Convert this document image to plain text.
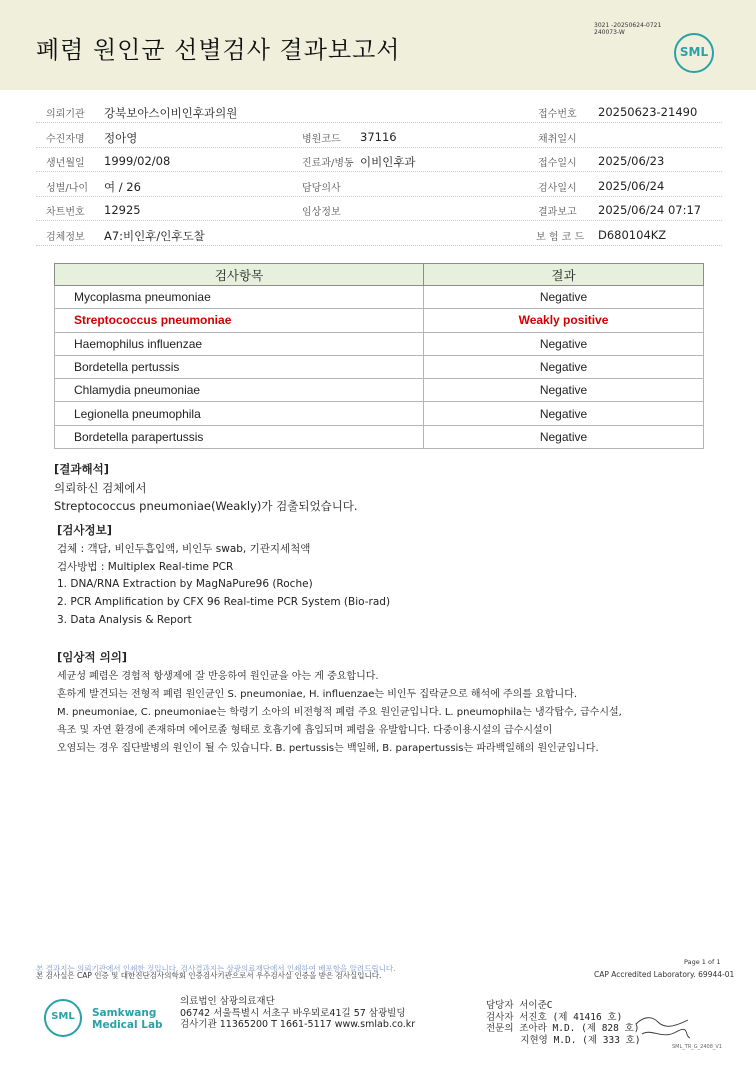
폐렴 원인균 선별검사 결과보고서
3021 -20250624-0721
240073-W
SML
의뢰기관 강북보아스이비인후과의원	접수번호 20250623-21490
수진자명 정아영	병원코드 37116	채취일시
생년월일 1999/02/08	진료과/병동 이비인후과	접수일시 2025/06/23
성별/나이 여 / 26	담당의사	검사일시 2025/06/24
차트번호 12925	임상정보	결과보고 2025/06/24 07:17
검체정보 A7:비인후/인후도찰	보 험 코 드 D680104KZ
검사항목	결과
Mycoplasma pneumoniae	Negative
Streptococcus pneumoniae	Weakly positive
Haemophilus influenzae	Negative
Bordetella pertussis	Negative
Chlamydia pneumoniae	Negative
Legionella pneumophila	Negative
Bordetella parapertussis	Negative
[결과해석]
의뢰하신 검체에서
Streptococcus pneumoniae(Weakly)가 검출되었습니다.
[검사정보]
검체 : 객담, 비인두흡입액, 비인두 swab, 기관지세척액
검사방법 : Multiplex Real-time PCR
1. DNA/RNA Extraction by MagNaPure96 (Roche)
2. PCR Amplification by CFX 96 Real-time PCR System (Bio-rad)
3. Data Analysis & Report
[임상적 의의]
세균성 폐렴은 경험적 항생제에 잘 반응하여 원인균을 아는 게 중요합니다.
흔하게 발견되는 전형적 폐렴 원인균인 S. pneumoniae, H. influenzae는 비인두 집락균으로 해석에 주의를 요합니다.
M. pneumoniae, C. pneumoniae는 학령기 소아의 비전형적 폐렴 주요 원인균입니다. L. pneumophila는 냉각탑수, 급수시설,
욕조 및 자연 환경에 존재하며 에어로졸 형태로 호흡기에 흡입되며 폐렴을 유발합니다. 다중이용시설의 급수시설이
오염되는 경우 집단발병의 원인이 될 수 있습니다. B. pertussis는 백일해, B. parapertussis는 파라백일해의 원인균입니다.
본 결과지는 의뢰기관에서 인쇄한 것입니다. 검사결과지는 삼광의료재단에서 인쇄하여 배포함을 알려드립니다.
본 검사실은 CAP 인증 및 대한진단검사의학회 인증검사기관으로서 우수검사실 인증을 받은 검사실입니다.
Page 1 of 1
CAP Accredited Laboratory. 69944-01
SML	Samkwang
Medical Lab
의료법인 삼광의료재단
06742 서울특별시 서초구 바우뫼로41길 57 삼광빌딩
검사기관 11365200 T 1661-5117 www.smlab.co.kr
담당자 서이준C
검사자 서진호 (제 41416 호)
전문의 조아라 M.D. (제 828 호)
지현영 M.D. (제 333 호)
SML_TR_G_2408_V1
